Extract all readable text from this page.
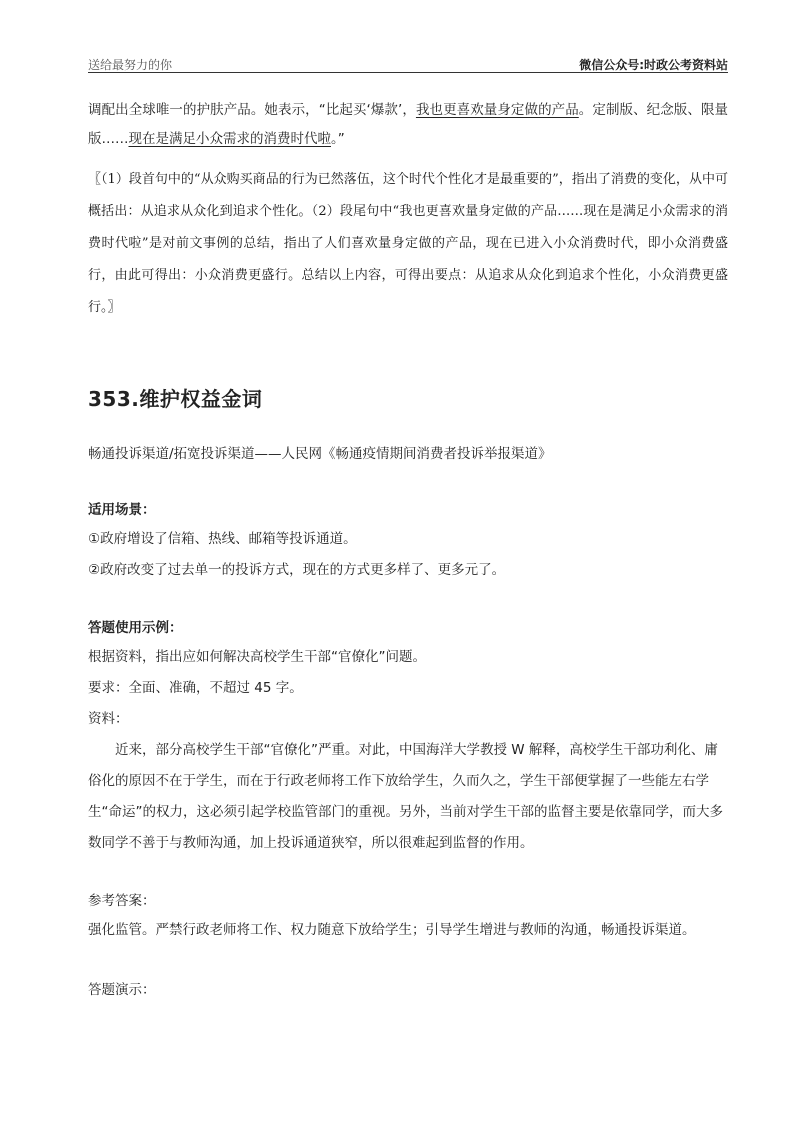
送给最努力的你	微信公众号:时政公考资料站

调配出全球唯一的护肤产品。她表示，“比起买‘爆款’，我也更喜欢量身定做的产品。定制版、纪念版、限量版……现在是满足小众需求的消费时代啦。”

〖（1）段首句中的“从众购买商品的行为已然落伍，这个时代个性化才是最重要的”，指出了消费的变化，从中可概括出：从追求从众化到追求个性化。（2）段尾句中“我也更喜欢量身定做的产品……现在是满足小众需求的消费时代啦”是对前文事例的总结，指出了人们喜欢量身定做的产品，现在已进入小众消费时代，即小众消费盛行，由此可得出：小众消费更盛行。总结以上内容，可得出要点：从追求从众化到追求个性化，小众消费更盛行。〗

353.维护权益金词
畅通投诉渠道/拓宽投诉渠道——人民网《畅通疫情期间消费者投诉举报渠道》
适用场景：

①政府增设了信箱、热线、邮箱等投诉通道。

②政府改变了过去单一的投诉方式，现在的方式更多样了、更多元了。

答题使用示例：

根据资料，指出应如何解决高校学生干部“官僚化”问题。

要求：全面、准确，不超过 45 字。

资料：

近来，部分高校学生干部“官僚化”严重。对此，中国海洋大学教授 W 解释，高校学生干部功利化、庸俗化的原因不在于学生，而在于行政老师将工作下放给学生，久而久之，学生干部便掌握了一些能左右学生“命运”的权力，这必须引起学校监管部门的重视。另外，当前对学生干部的监督主要是依靠同学，而大多数同学不善于与教师沟通，加上投诉通道狭窄，所以很难起到监督的作用。

参考答案：

强化监管。严禁行政老师将工作、权力随意下放给学生；引导学生增进与教师的沟通，畅通投诉渠道。

答题演示：
